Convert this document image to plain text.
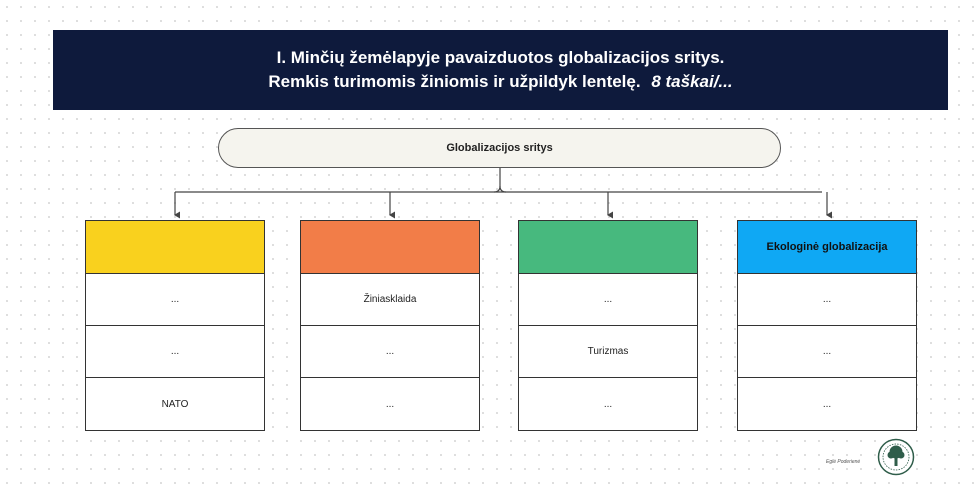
I. Minčių žemėlapyje pavaizduotos globalizacijos sritys.
Remkis turimomis žiniomis ir užpildyk lentelę. 8 taškai/...
Globalizacijos sritys
...
...
NATO
Žiniasklaida
...
...
...
Turizmas
...
Ekologinė globalizacija
...
...
...
Eglė Poderienė
